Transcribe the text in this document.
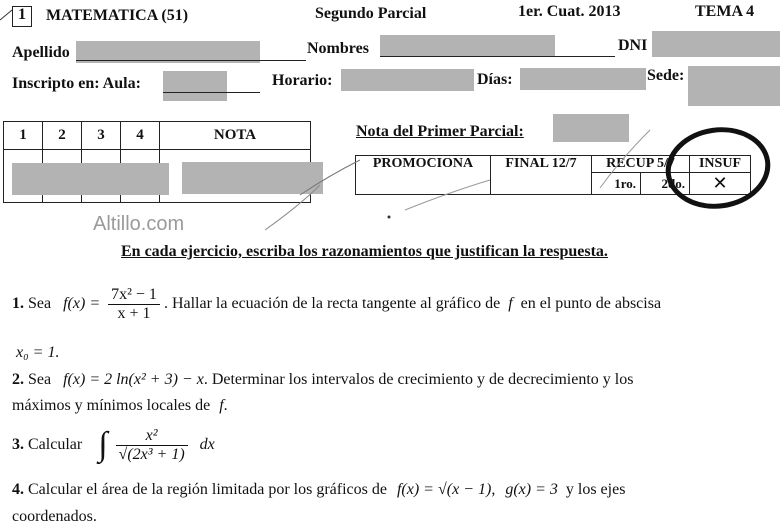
1 MATEMATICA (51)	Segundo Parcial	1er. Cuat. 2013	TEMA 4
Apellido	Nombres	DNI
Inscripto en: Aula:	Horario:	Días:	Sede:
1	2	3	4	NOTA
					Nota del Primer Parcial:
PROMOCIONA	FINAL 12/7	RECUP 5/7		INSUF
		1ro.	2do.	✕
Altillo.com
En cada ejercicio, escriba los razonamientos que justifican la respuesta.
1. Sea $f(x) = \frac{\text{7x² − 1}}{x + 1}$ . Hallar la ecuación de la recta tangente al gráfico de f en el punto de abscisa
x₀ = 1.
2. Sea f(x) = 2 ln(x² + 3) − x. Determinar los intervalos de crecimiento y de decrecimiento y los
máximos y mínimos locales de f.
3. Calcular ∫ $\frac{\text{x²}}{\text{√(2x³ + 1)}}$ dx
4. Calcular el área de la región limitada por los gráficos de f(x) = √(x − 1), g(x) = 3 y los ejes
coordenados.
